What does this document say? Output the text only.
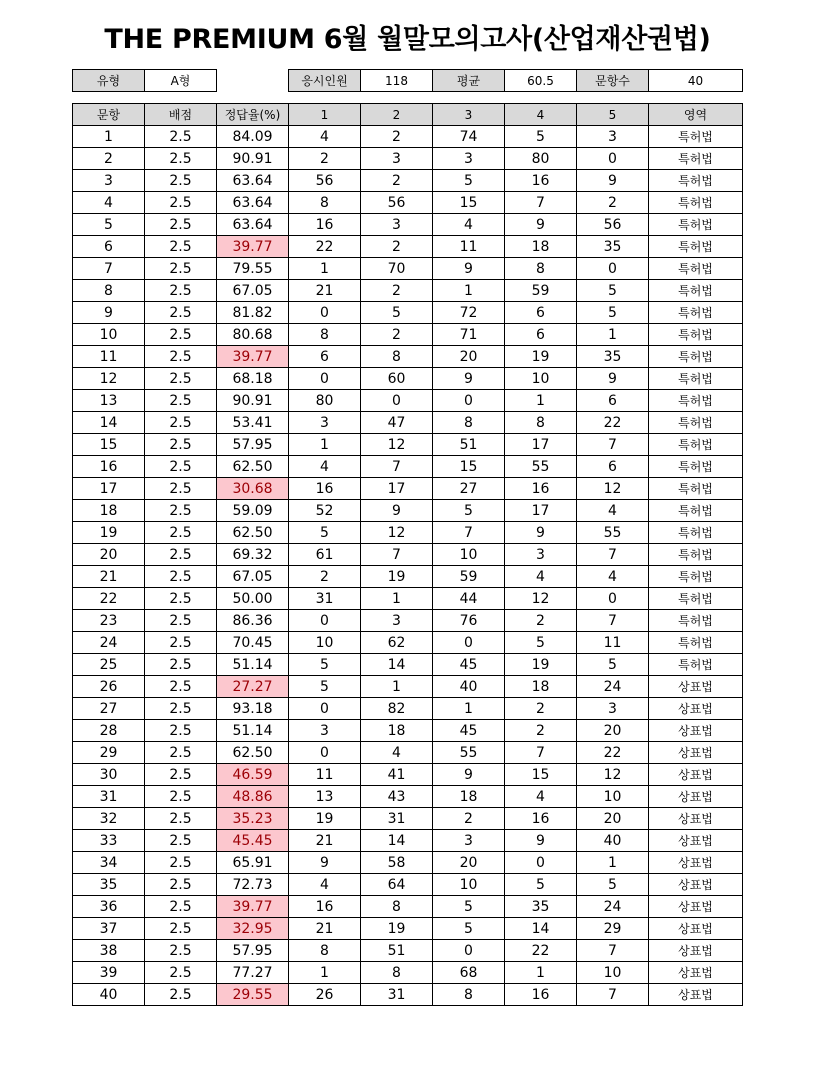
THE PREMIUM 6월 월말모의고사(산업재산권법)
유형	A형		응시인원	118	평균	60.5	문항수	40
문항	배점	정답율(%)	1	2	3	4	5	영역
1	2.5	84.09	4	2	74	5	3	특허법
2	2.5	90.91	2	3	3	80	0	특허법
3	2.5	63.64	56	2	5	16	9	특허법
4	2.5	63.64	8	56	15	7	2	특허법
5	2.5	63.64	16	3	4	9	56	특허법
6	2.5	39.77	22	2	11	18	35	특허법
7	2.5	79.55	1	70	9	8	0	특허법
8	2.5	67.05	21	2	1	59	5	특허법
9	2.5	81.82	0	5	72	6	5	특허법
10	2.5	80.68	8	2	71	6	1	특허법
11	2.5	39.77	6	8	20	19	35	특허법
12	2.5	68.18	0	60	9	10	9	특허법
13	2.5	90.91	80	0	0	1	6	특허법
14	2.5	53.41	3	47	8	8	22	특허법
15	2.5	57.95	1	12	51	17	7	특허법
16	2.5	62.50	4	7	15	55	6	특허법
17	2.5	30.68	16	17	27	16	12	특허법
18	2.5	59.09	52	9	5	17	4	특허법
19	2.5	62.50	5	12	7	9	55	특허법
20	2.5	69.32	61	7	10	3	7	특허법
21	2.5	67.05	2	19	59	4	4	특허법
22	2.5	50.00	31	1	44	12	0	특허법
23	2.5	86.36	0	3	76	2	7	특허법
24	2.5	70.45	10	62	0	5	11	특허법
25	2.5	51.14	5	14	45	19	5	특허법
26	2.5	27.27	5	1	40	18	24	상표법
27	2.5	93.18	0	82	1	2	3	상표법
28	2.5	51.14	3	18	45	2	20	상표법
29	2.5	62.50	0	4	55	7	22	상표법
30	2.5	46.59	11	41	9	15	12	상표법
31	2.5	48.86	13	43	18	4	10	상표법
32	2.5	35.23	19	31	2	16	20	상표법
33	2.5	45.45	21	14	3	9	40	상표법
34	2.5	65.91	9	58	20	0	1	상표법
35	2.5	72.73	4	64	10	5	5	상표법
36	2.5	39.77	16	8	5	35	24	상표법
37	2.5	32.95	21	19	5	14	29	상표법
38	2.5	57.95	8	51	0	22	7	상표법
39	2.5	77.27	1	8	68	1	10	상표법
40	2.5	29.55	26	31	8	16	7	상표법
